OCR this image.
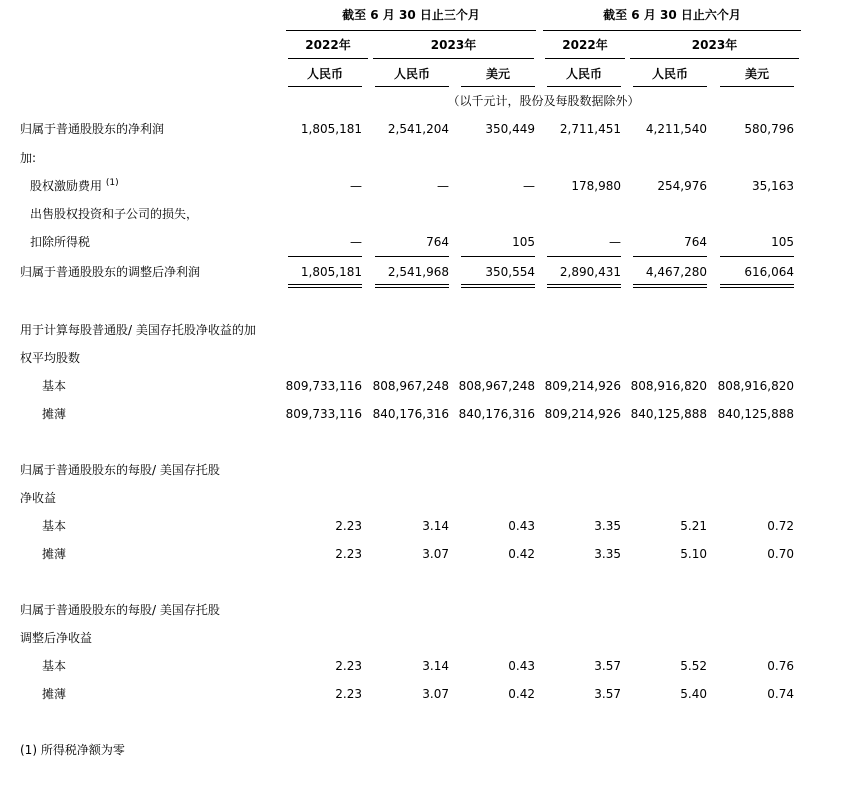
截至 6 月 30 日止三个月	截至 6 月 30 日止六个月
2022年	2023年	2022年	2023年
人民币	人民币	美元	人民币	人民币	美元
（以千元计，股份及每股数据除外）
归属于普通股股东的净利润	1,805,181	2,541,204	350,449	2,711,451	4,211,540	580,796
加:
股权激励费用 $^{(1)}$	—	—	—	178,980	254,976	35,163
出售股权投资和子公司的损失，
扣除所得税	—	764	105	—	764	105
归属于普通股股东的调整后净利润	1,805,181	2,541,968	350,554	2,890,431	4,467,280	616,064
用于计算每股普通股/ 美国存托股净收益的加
权平均股数
基本	809,733,116 808,967,248 808,967,248 809,214,926 808,916,820 808,916,820
摊薄	809,733,116 840,176,316 840,176,316 809,214,926 840,125,888 840,125,888
归属于普通股股东的每股/ 美国存托股
净收益
基本	2.23	3.14	0.43	3.35	5.21	0.72
摊薄	2.23	3.07	0.42	3.35	5.10	0.70
归属于普通股股东的每股/ 美国存托股
调整后净收益
基本	2.23	3.14	0.43	3.57	5.52	0.76
摊薄	2.23	3.07	0.42	3.57	5.40	0.74
(1) 所得税净额为零
